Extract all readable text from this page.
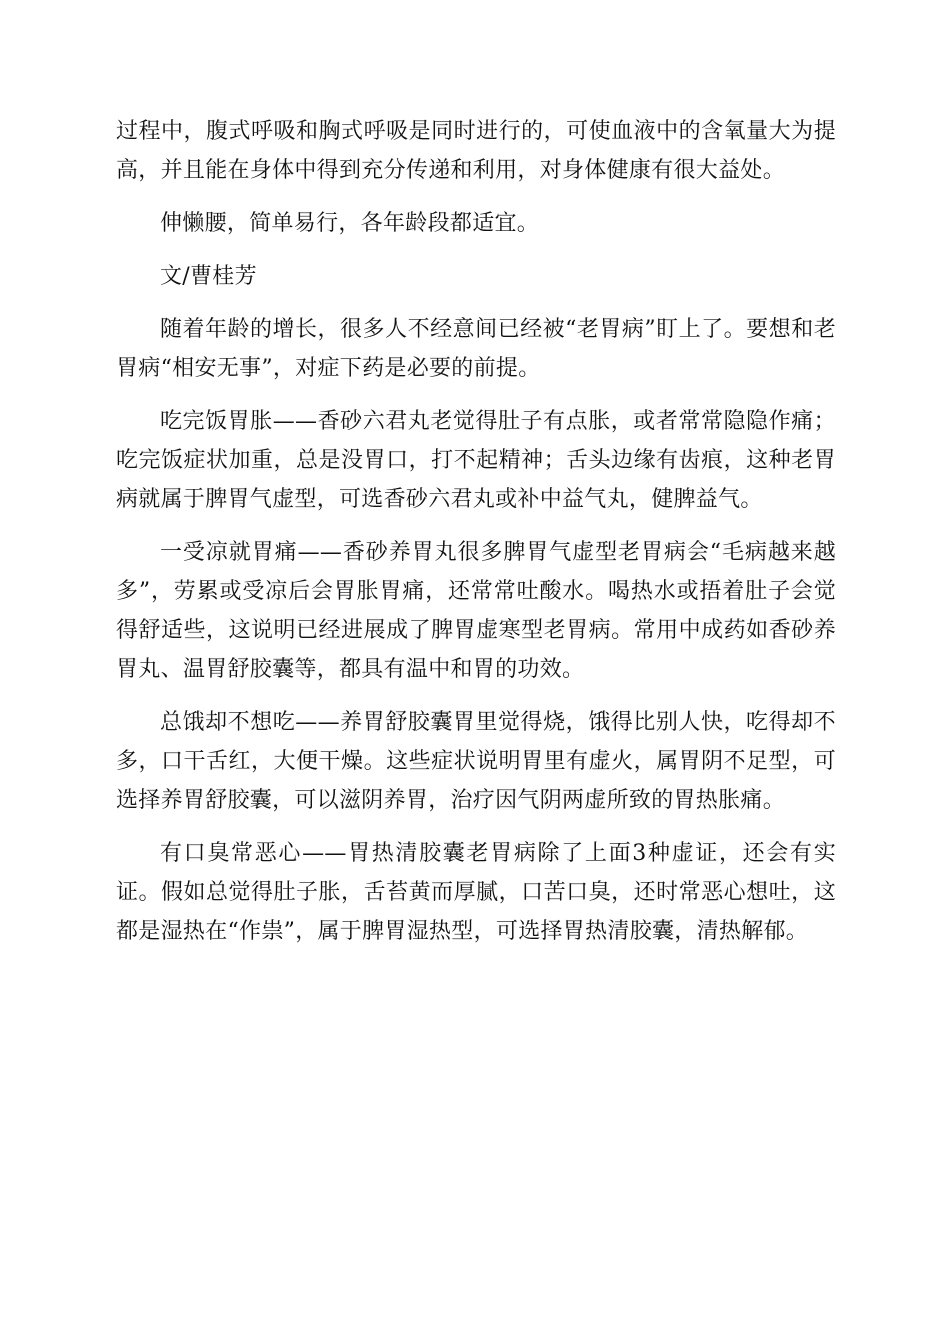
过程中，腹式呼吸和胸式呼吸是同时进行的，可使血液中的含氧量大为提高，并且能在身体中得到充分传递和利用，对身体健康有很大益处。

伸懒腰，简单易行，各年龄段都适宜。

文/曹桂芳

随着年龄的增长，很多人不经意间已经被“老胃病”盯上了。要想和老胃病“相安无事”，对症下药是必要的前提。

吃完饭胃胀——香砂六君丸老觉得肚子有点胀，或者常常隐隐作痛；吃完饭症状加重，总是没胃口，打不起精神；舌头边缘有齿痕，这种老胃病就属于脾胃气虚型，可选香砂六君丸或补中益气丸，健脾益气。

一受凉就胃痛——香砂养胃丸很多脾胃气虚型老胃病会“毛病越来越多”，劳累或受凉后会胃胀胃痛，还常常吐酸水。喝热水或捂着肚子会觉得舒适些，这说明已经进展成了脾胃虚寒型老胃病。常用中成药如香砂养胃丸、温胃舒胶囊等，都具有温中和胃的功效。

总饿却不想吃——养胃舒胶囊胃里觉得烧，饿得比别人快，吃得却不多，口干舌红，大便干燥。这些症状说明胃里有虚火，属胃阴不足型，可选择养胃舒胶囊，可以滋阴养胃，治疗因气阴两虚所致的胃热胀痛。

有口臭常恶心——胃热清胶囊老胃病除了上面3种虚证，还会有实证。假如总觉得肚子胀，舌苔黄而厚腻，口苦口臭，还时常恶心想吐，这都是湿热在“作祟”，属于脾胃湿热型，可选择胃热清胶囊，清热解郁。
